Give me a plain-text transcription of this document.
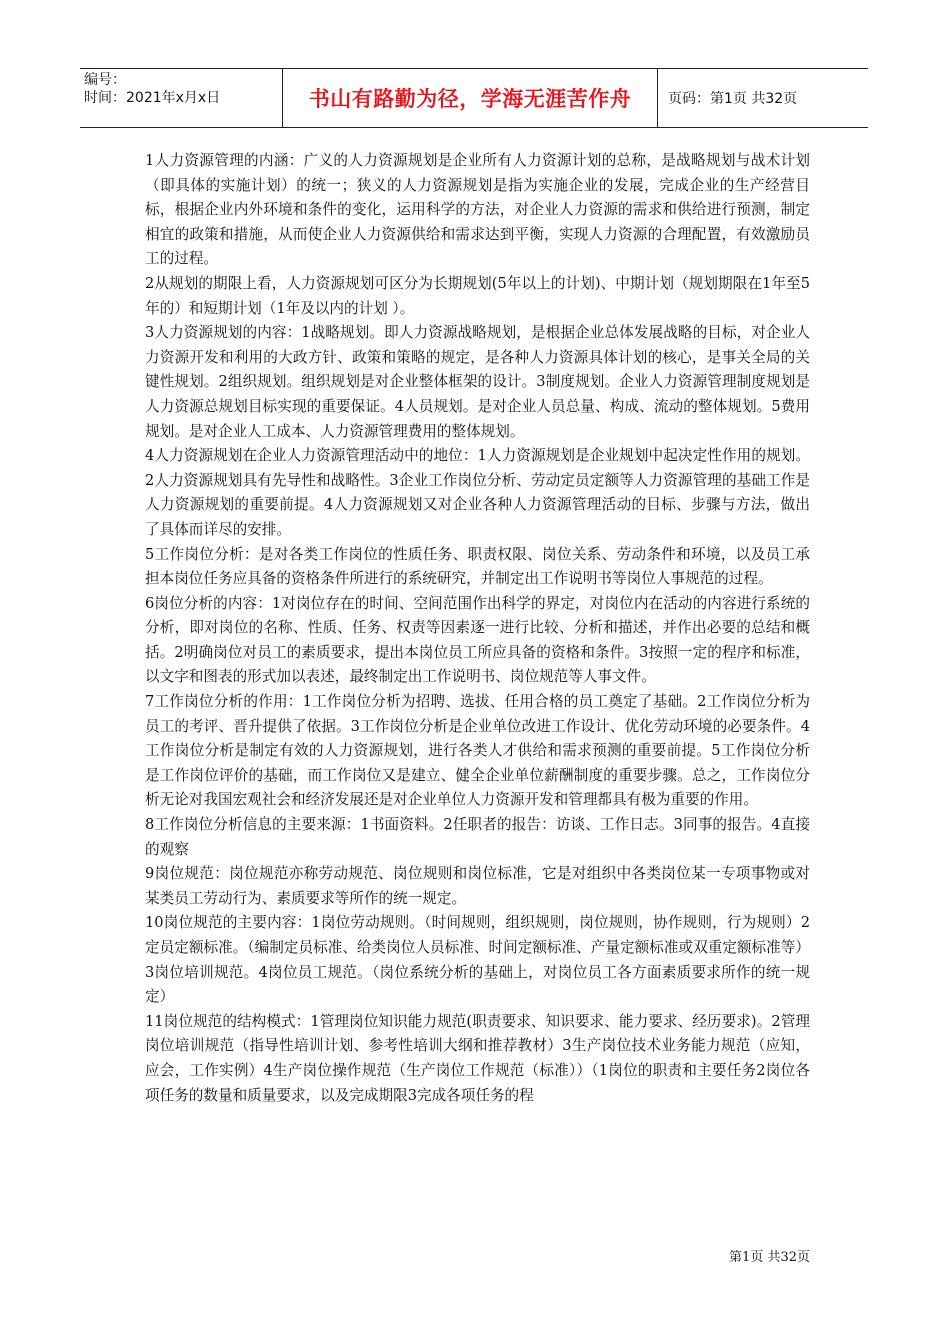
编号：
时间：2021年x月x日	书山有路勤为径，学海无涯苦作舟	页码：第1页 共32页

1人力资源管理的内涵：广义的人力资源规划是企业所有人力资源计划的总称，是战略规划与战术计划（即具体的实施计划）的统一；狭义的人力资源规划是指为实施企业的发展，完成企业的生产经营目标，根据企业内外环境和条件的变化，运用科学的方法，对企业人力资源的需求和供给进行预测，制定相宜的政策和措施，从而使企业人力资源供给和需求达到平衡，实现人力资源的合理配置，有效激励员工的过程。

2从规划的期限上看，人力资源规划可区分为长期规划(5年以上的计划)、中期计划（规划期限在1年至5年的）和短期计划（1年及以内的计划 ）。

3人力资源规划的内容：1战略规划。即人力资源战略规划，是根据企业总体发展战略的目标，对企业人力资源开发和利用的大政方针、政策和策略的规定，是各种人力资源具体计划的核心，是事关全局的关键性规划。2组织规划。组织规划是对企业整体框架的设计。3制度规划。企业人力资源管理制度规划是人力资源总规划目标实现的重要保证。4人员规划。是对企业人员总量、构成、流动的整体规划。5费用规划。是对企业人工成本、人力资源管理费用的整体规划。

4人力资源规划在企业人力资源管理活动中的地位：1人力资源规划是企业规划中起决定性作用的规划。2人力资源规划具有先导性和战略性。3企业工作岗位分析、劳动定员定额等人力资源管理的基础工作是人力资源规划的重要前提。4人力资源规划又对企业各种人力资源管理活动的目标、步骤与方法，做出了具体而详尽的安排。

5工作岗位分析：是对各类工作岗位的性质任务、职责权限、岗位关系、劳动条件和环境，以及员工承担本岗位任务应具备的资格条件所进行的系统研究，并制定出工作说明书等岗位人事规范的过程。

6岗位分析的内容：1对岗位存在的时间、空间范围作出科学的界定，对岗位内在活动的内容进行系统的分析，即对岗位的名称、性质、任务、权责等因素逐一进行比较、分析和描述，并作出必要的总结和概括。2明确岗位对员工的素质要求，提出本岗位员工所应具备的资格和条件。3按照一定的程序和标准，以文字和图表的形式加以表述，最终制定出工作说明书、岗位规范等人事文件。

7工作岗位分析的作用：1工作岗位分析为招聘、选拔、任用合格的员工奠定了基础。2工作岗位分析为员工的考评、晋升提供了依据。3工作岗位分析是企业单位改进工作设计、优化劳动环境的必要条件。4工作岗位分析是制定有效的人力资源规划，进行各类人才供给和需求预测的重要前提。5工作岗位分析是工作岗位评价的基础，而工作岗位又是建立、健全企业单位薪酬制度的重要步骤。总之，工作岗位分析无论对我国宏观社会和经济发展还是对企业单位人力资源开发和管理都具有极为重要的作用。

8工作岗位分析信息的主要来源：1书面资料。2任职者的报告：访谈、工作日志。3同事的报告。4直接的观察

9岗位规范：岗位规范亦称劳动规范、岗位规则和岗位标准，它是对组织中各类岗位某一专项事物或对某类员工劳动行为、素质要求等所作的统一规定。

10岗位规范的主要内容：1岗位劳动规则。（时间规则，组织规则，岗位规则，协作规则，行为规则）2定员定额标准。（编制定员标准、给类岗位人员标准、时间定额标准、产量定额标准或双重定额标准等）3岗位培训规范。4岗位员工规范。（岗位系统分析的基础上，对岗位员工各方面素质要求所作的统一规定）

11岗位规范的结构模式：1管理岗位知识能力规范(职责要求、知识要求、能力要求、经历要求)。2管理岗位培训规范（指导性培训计划、参考性培训大纲和推荐教材）3生产岗位技术业务能力规范（应知，应会，工作实例）4生产岗位操作规范（生产岗位工作规范（标准））（1岗位的职责和主要任务2岗位各项任务的数量和质量要求，以及完成期限3完成各项任务的程

第1页 共32页
